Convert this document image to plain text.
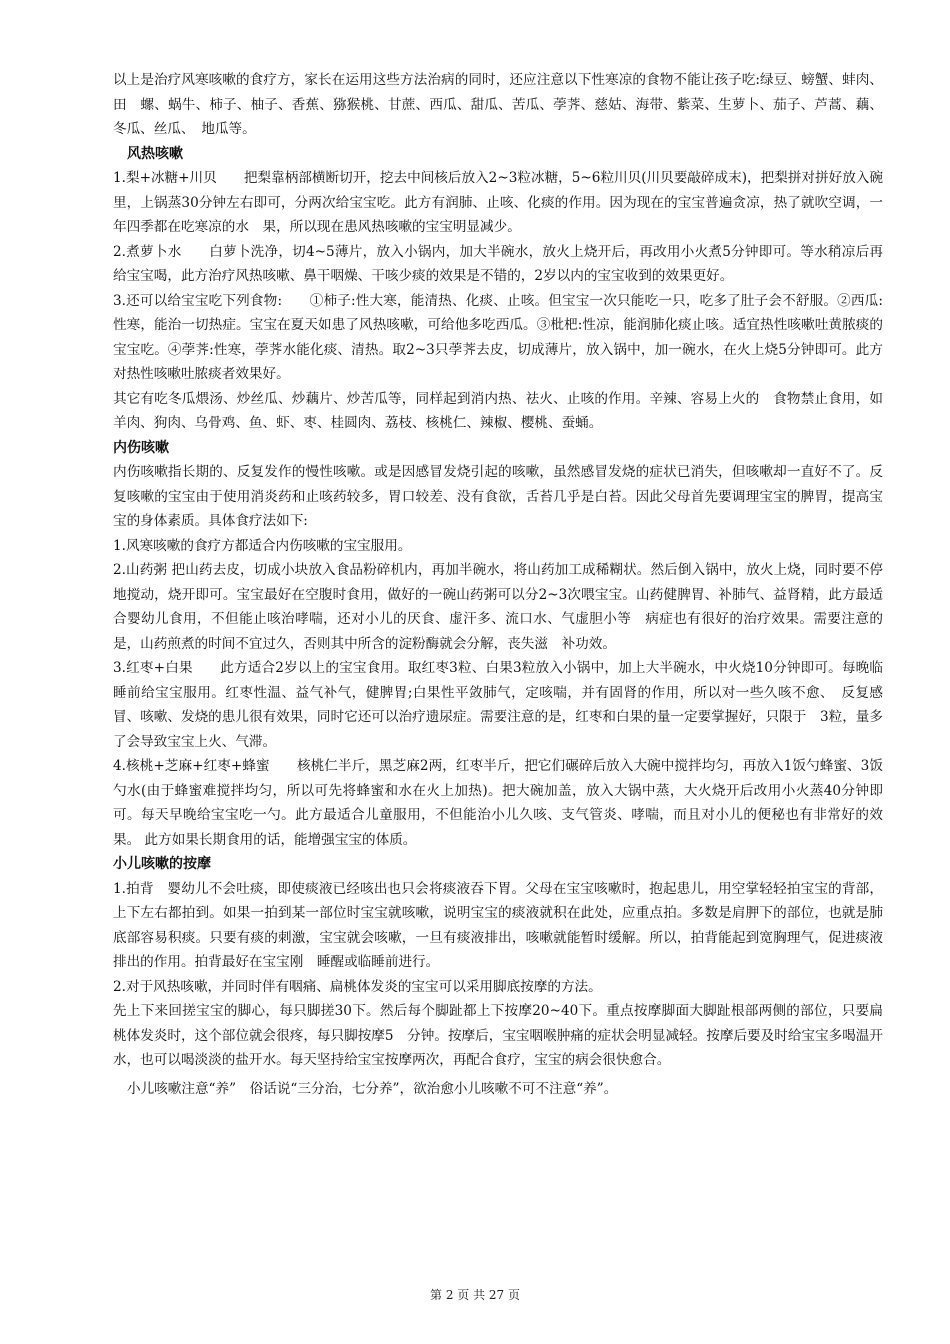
以上是治疗风寒咳嗽的食疗方，家长在运用这些方法治病的同时，还应注意以下性寒凉的食物不能让孩子吃:绿豆、螃蟹、蚌肉、田　螺、蜗牛、柿子、柚子、香蕉、猕猴桃、甘蔗、西瓜、甜瓜、苦瓜、荸荠、慈姑、海带、紫菜、生萝卜、茄子、芦蒿、藕、冬瓜、丝瓜、　地瓜等。

风热咳嗽

1.梨+冰糖+川贝　　把梨靠柄部横断切开，挖去中间核后放入2~3粒冰糖，5~6粒川贝(川贝要敲碎成末)，把梨拼对拼好放入碗里，上锅蒸30分钟左右即可，分两次给宝宝吃。此方有润肺、止咳、化痰的作用。因为现在的宝宝普遍贪凉，热了就吹空调，一年四季都在吃寒凉的水　果，所以现在患风热咳嗽的宝宝明显减少。

2.煮萝卜水　　白萝卜洗净，切4~5薄片，放入小锅内，加大半碗水，放火上烧开后，再改用小火煮5分钟即可。等水稍凉后再给宝宝喝，此方治疗风热咳嗽、鼻干咽燥、干咳少痰的效果是不错的，2岁以内的宝宝收到的效果更好。

3.还可以给宝宝吃下列食物:　　①柿子:性大寒，能清热、化痰、止咳。但宝宝一次只能吃一只，吃多了肚子会不舒服。②西瓜:性寒，能治一切热症。宝宝在夏天如患了风热咳嗽，可给他多吃西瓜。③枇杷:性凉，能润肺化痰止咳。适宜热性咳嗽吐黄脓痰的宝宝吃。④荸荠:性寒，荸荠水能化痰、清热。取2~3只荸荠去皮，切成薄片，放入锅中，加一碗水，在火上烧5分钟即可。此方对热性咳嗽吐脓痰者效果好。

其它有吃冬瓜煨汤、炒丝瓜、炒藕片、炒苦瓜等，同样起到消内热、祛火、止咳的作用。辛辣、容易上火的　食物禁止食用，如羊肉、狗肉、乌骨鸡、鱼、虾、枣、桂圆肉、荔枝、核桃仁、辣椒、樱桃、蚕蛹。

内伤咳嗽

内伤咳嗽指长期的、反复发作的慢性咳嗽。或是因感冒发烧引起的咳嗽，虽然感冒发烧的症状已消失，但咳嗽却一直好不了。反复咳嗽的宝宝由于使用消炎药和止咳药较多，胃口较差、没有食欲，舌苔几乎是白苔。因此父母首先要调理宝宝的脾胃，提高宝宝的身体素质。具体食疗法如下:

1.风寒咳嗽的食疗方都适合内伤咳嗽的宝宝服用。

2.山药粥 把山药去皮，切成小块放入食品粉碎机内，再加半碗水，将山药加工成稀糊状。然后倒入锅中，放火上烧，同时要不停地搅动，烧开即可。宝宝最好在空腹时食用，做好的一碗山药粥可以分2~3次喂宝宝。山药健脾胃、补肺气、益肾精，此方最适合婴幼儿食用，不但能止咳治哮喘，还对小儿的厌食、虚汗多、流口水、气虚胆小等　病症也有很好的治疗效果。需要注意的是，山药煎煮的时间不宜过久，否则其中所含的淀粉酶就会分解，丧失滋　补功效。

3.红枣+白果　　此方适合2岁以上的宝宝食用。取红枣3粒、白果3粒放入小锅中，加上大半碗水，中火烧10分钟即可。每晚临睡前给宝宝服用。红枣性温、益气补气，健脾胃;白果性平敛肺气，定咳喘，并有固肾的作用，所以对一些久咳不愈、　反复感冒、咳嗽、发烧的患儿很有效果，同时它还可以治疗遗尿症。需要注意的是，红枣和白果的量一定要掌握好，只限于　3粒，量多了会导致宝宝上火、气滞。

4.核桃+芝麻+红枣+蜂蜜　　核桃仁半斤，黑芝麻2两，红枣半斤，把它们碾碎后放入大碗中搅拌均匀，再放入1饭勺蜂蜜、3饭勺水(由于蜂蜜难搅拌均匀，所以可先将蜂蜜和水在火上加热)。把大碗加盖，放入大锅中蒸，大火烧开后改用小火蒸40分钟即可。每天早晚给宝宝吃一勺。此方最适合儿童服用，不但能治小儿久咳、支气管炎、哮喘，而且对小儿的便秘也有非常好的效果。 此方如果长期食用的话，能增强宝宝的体质。

小儿咳嗽的按摩

1.拍背　婴幼儿不会吐痰，即使痰液已经咳出也只会将痰液吞下胃。父母在宝宝咳嗽时，抱起患儿，用空掌轻轻拍宝宝的背部，上下左右都拍到。如果一拍到某一部位时宝宝就咳嗽，说明宝宝的痰液就积在此处，应重点拍。多数是肩胛下的部位，也就是肺底部容易积痰。只要有痰的刺激，宝宝就会咳嗽，一旦有痰液排出，咳嗽就能暂时缓解。所以，拍背能起到宽胸理气，促进痰液排出的作用。拍背最好在宝宝刚　睡醒或临睡前进行。

2.对于风热咳嗽，并同时伴有咽痛、扁桃体发炎的宝宝可以采用脚底按摩的方法。

先上下来回搓宝宝的脚心，每只脚搓30下。然后每个脚趾都上下按摩20~40下。重点按摩脚面大脚趾根部两侧的部位，只要扁桃体发炎时，这个部位就会很疼，每只脚按摩5　分钟。按摩后，宝宝咽喉肿痛的症状会明显减轻。按摩后要及时给宝宝多喝温开水，也可以喝淡淡的盐开水。每天坚持给宝宝按摩两次，再配合食疗，宝宝的病会很快愈合。

小儿咳嗽注意“养”　俗话说“三分治，七分养”，欲治愈小儿咳嗽不可不注意“养”。

第 2 页 共 27 页
